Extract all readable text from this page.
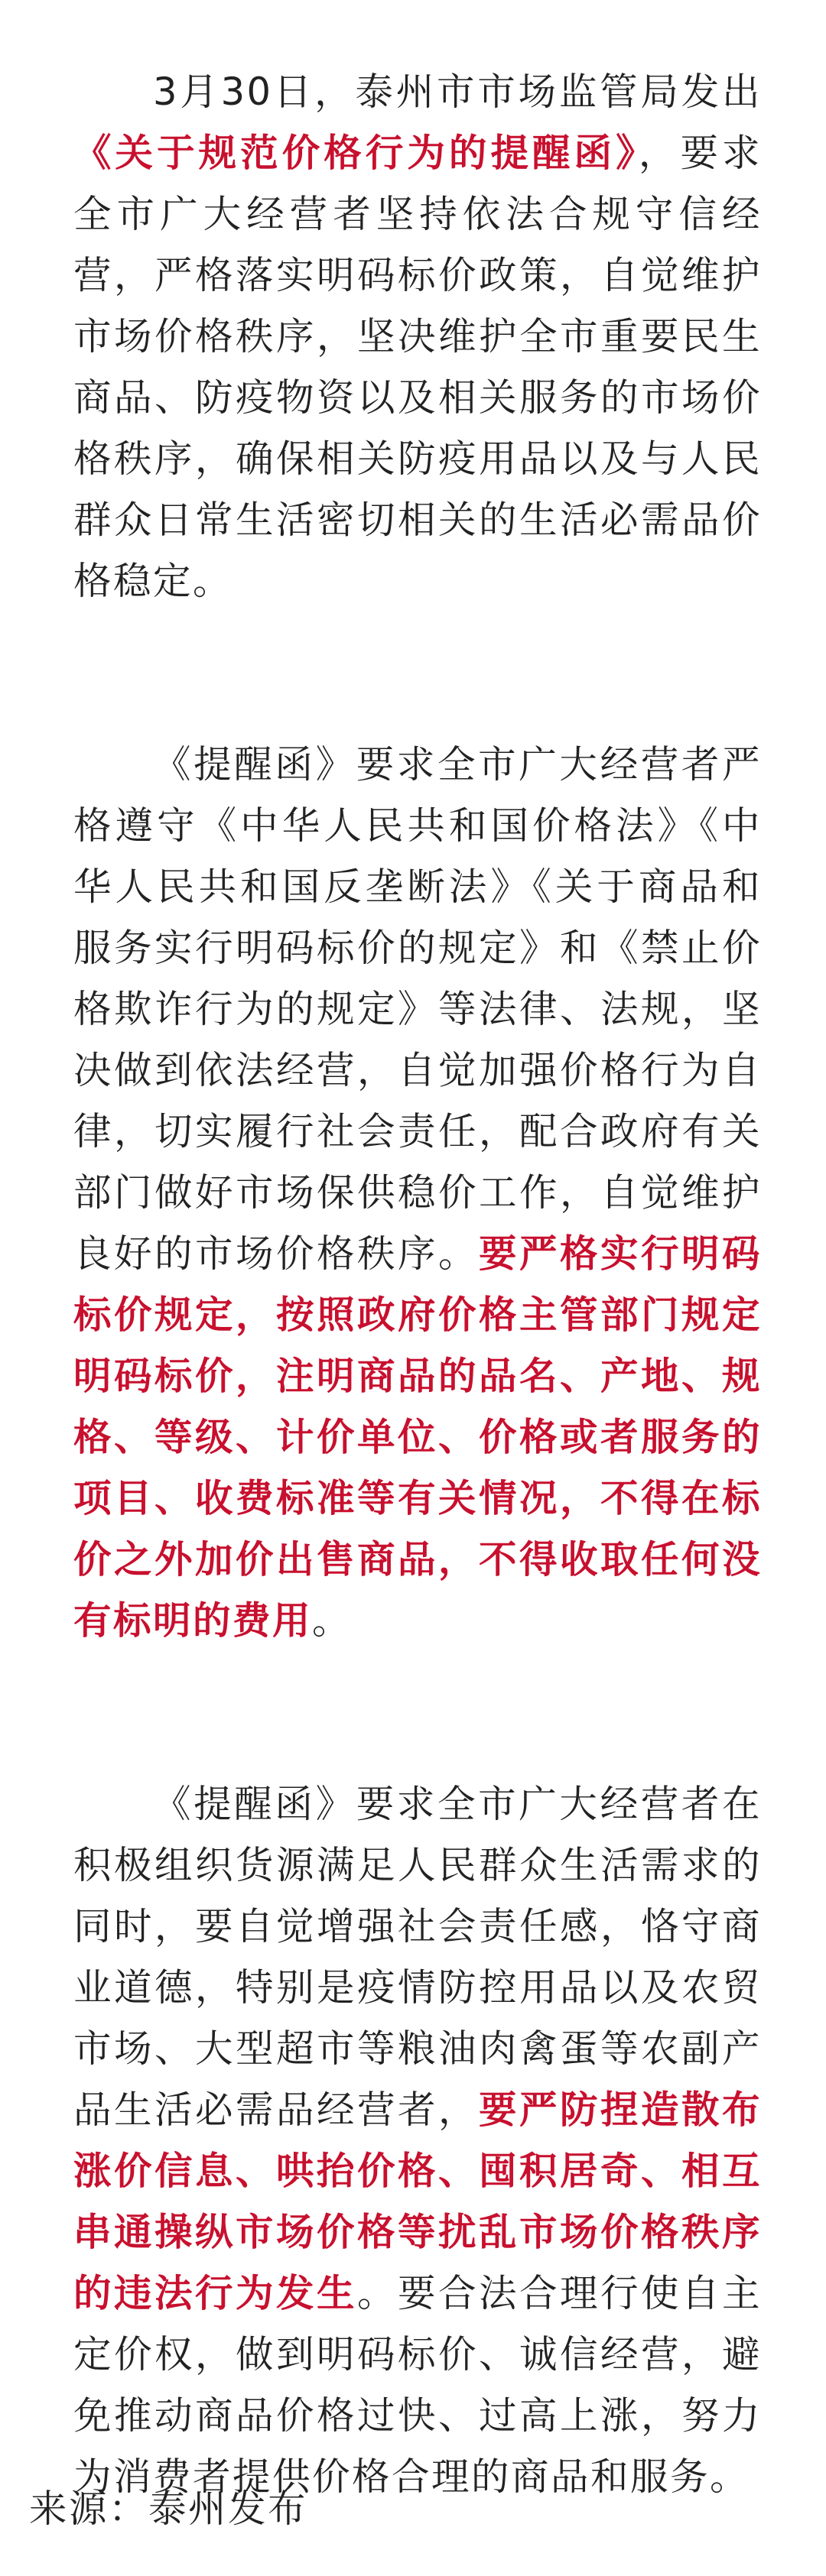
3月30日，泰州市市场监管局发出《关于规范价格行为的提醒函》，要求全市广大经营者坚持依法合规守信经营，严格落实明码标价政策，自觉维护市场价格秩序，坚决维护全市重要民生商品、防疫物资以及相关服务的市场价格秩序，确保相关防疫用品以及与人民群众日常生活密切相关的生活必需品价格稳定。

《提醒函》要求全市广大经营者严格遵守《中华人民共和国价格法》《中华人民共和国反垄断法》《关于商品和服务实行明码标价的规定》和《禁止价格欺诈行为的规定》等法律、法规，坚决做到依法经营，自觉加强价格行为自律，切实履行社会责任，配合政府有关部门做好市场保供稳价工作，自觉维护良好的市场价格秩序。要严格实行明码标价规定，按照政府价格主管部门规定明码标价，注明商品的品名、产地、规格、等级、计价单位、价格或者服务的项目、收费标准等有关情况，不得在标价之外加价出售商品，不得收取任何没有标明的费用。

《提醒函》要求全市广大经营者在积极组织货源满足人民群众生活需求的同时，要自觉增强社会责任感，恪守商业道德，特别是疫情防控用品以及农贸市场、大型超市等粮油肉禽蛋等农副产品生活必需品经营者，要严防捏造散布涨价信息、哄抬价格、囤积居奇、相互串通操纵市场价格等扰乱市场价格秩序的违法行为发生。要合法合理行使自主定价权，做到明码标价、诚信经营，避免推动商品价格过快、过高上涨，努力为消费者提供价格合理的商品和服务。

来源：泰州发布
